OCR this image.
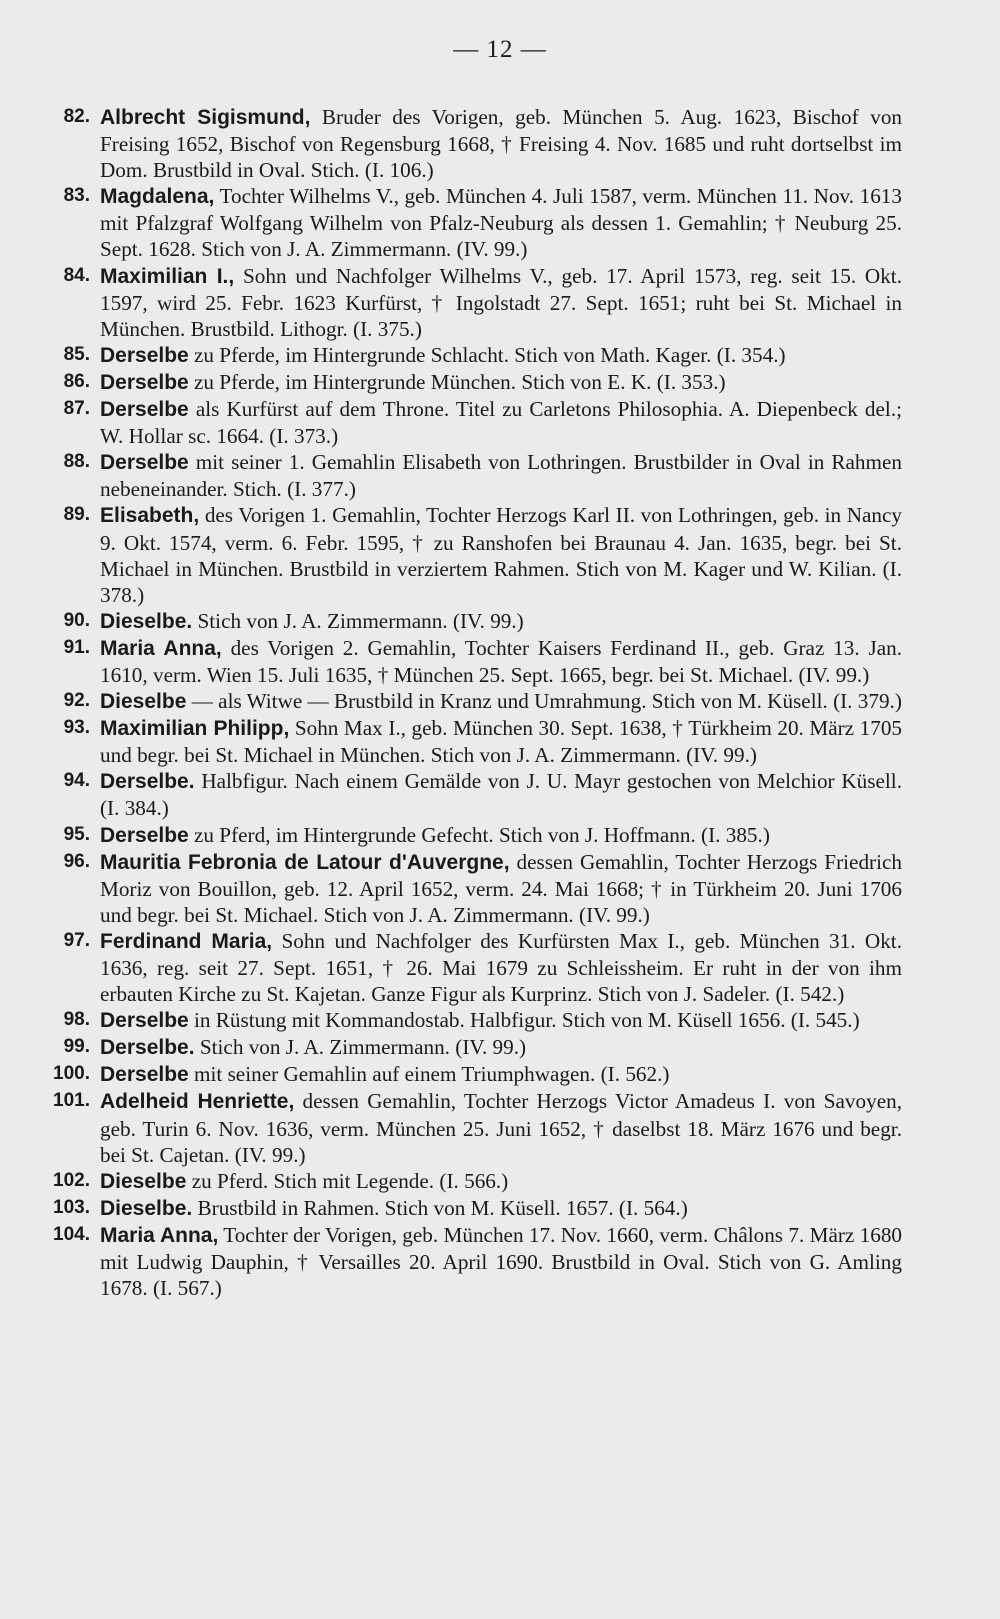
— 12 —
82. Albrecht Sigismund, Bruder des Vorigen, geb. München 5. Aug. 1623, Bischof von Freising 1652, Bischof von Regensburg 1668, † Freising 4. Nov. 1685 und ruht dortselbst im Dom. Brustbild in Oval. Stich. (I. 106.)
83. Magdalena, Tochter Wilhelms V., geb. München 4. Juli 1587, verm. München 11. Nov. 1613 mit Pfalzgraf Wolfgang Wilhelm von Pfalz-Neuburg als dessen 1. Gemahlin; † Neuburg 25. Sept. 1628. Stich von J. A. Zimmermann. (IV. 99.)
84. Maximilian I., Sohn und Nachfolger Wilhelms V., geb. 17. April 1573, reg. seit 15. Okt. 1597, wird 25. Febr. 1623 Kurfürst, † Ingolstadt 27. Sept. 1651; ruht bei St. Michael in München. Brustbild. Lithogr. (I. 375.)
85. Derselbe zu Pferde, im Hintergrunde Schlacht. Stich von Math. Kager. (I. 354.)
86. Derselbe zu Pferde, im Hintergrunde München. Stich von E. K. (I. 353.)
87. Derselbe als Kurfürst auf dem Throne. Titel zu Carletons Philosophia. A. Diepenbeck del.; W. Hollar sc. 1664. (I. 373.)
88. Derselbe mit seiner 1. Gemahlin Elisabeth von Lothringen. Brustbilder in Oval in Rahmen nebeneinander. Stich. (I. 377.)
89. Elisabeth, des Vorigen 1. Gemahlin, Tochter Herzogs Karl II. von Lothringen, geb. in Nancy 9. Okt. 1574, verm. 6. Febr. 1595, † zu Ranshofen bei Braunau 4. Jan. 1635, begr. bei St. Michael in München. Brustbild in verziertem Rahmen. Stich von M. Kager und W. Kilian. (I. 378.)
90. Dieselbe. Stich von J. A. Zimmermann. (IV. 99.)
91. Maria Anna, des Vorigen 2. Gemahlin, Tochter Kaisers Ferdinand II., geb. Graz 13. Jan. 1610, verm. Wien 15. Juli 1635, † München 25. Sept. 1665, begr. bei St. Michael. (IV. 99.)
92. Dieselbe — als Witwe — Brustbild in Kranz und Umrahmung. Stich von M. Küsell. (I. 379.)
93. Maximilian Philipp, Sohn Max I., geb. München 30. Sept. 1638, † Türkheim 20. März 1705 und begr. bei St. Michael in München. Stich von J. A. Zimmermann. (IV. 99.)
94. Derselbe. Halbfigur. Nach einem Gemälde von J. U. Mayr gestochen von Melchior Küsell. (I. 384.)
95. Derselbe zu Pferd, im Hintergrunde Gefecht. Stich von J. Hoffmann. (I. 385.)
96. Mauritia Febronia de Latour d'Auvergne, dessen Gemahlin, Tochter Herzogs Friedrich Moriz von Bouillon, geb. 12. April 1652, verm. 24. Mai 1668; † in Türkheim 20. Juni 1706 und begr. bei St. Michael. Stich von J. A. Zimmermann. (IV. 99.)
97. Ferdinand Maria, Sohn und Nachfolger des Kurfürsten Max I., geb. München 31. Okt. 1636, reg. seit 27. Sept. 1651, † 26. Mai 1679 zu Schleissheim. Er ruht in der von ihm erbauten Kirche zu St. Kajetan. Ganze Figur als Kurprinz. Stich von J. Sadeler. (I. 542.)
98. Derselbe in Rüstung mit Kommandostab. Halbfigur. Stich von M. Küsell 1656. (I. 545.)
99. Derselbe. Stich von J. A. Zimmermann. (IV. 99.)
100. Derselbe mit seiner Gemahlin auf einem Triumphwagen. (I. 562.)
101. Adelheid Henriette, dessen Gemahlin, Tochter Herzogs Victor Amadeus I. von Savoyen, geb. Turin 6. Nov. 1636, verm. München 25. Juni 1652, † daselbst 18. März 1676 und begr. bei St. Cajetan. (IV. 99.)
102. Dieselbe zu Pferd. Stich mit Legende. (I. 566.)
103. Dieselbe. Brustbild in Rahmen. Stich von M. Küsell. 1657. (I. 564.)
104. Maria Anna, Tochter der Vorigen, geb. München 17. Nov. 1660, verm. Châlons 7. März 1680 mit Ludwig Dauphin, † Versailles 20. April 1690. Brustbild in Oval. Stich von G. Amling 1678. (I. 567.)
